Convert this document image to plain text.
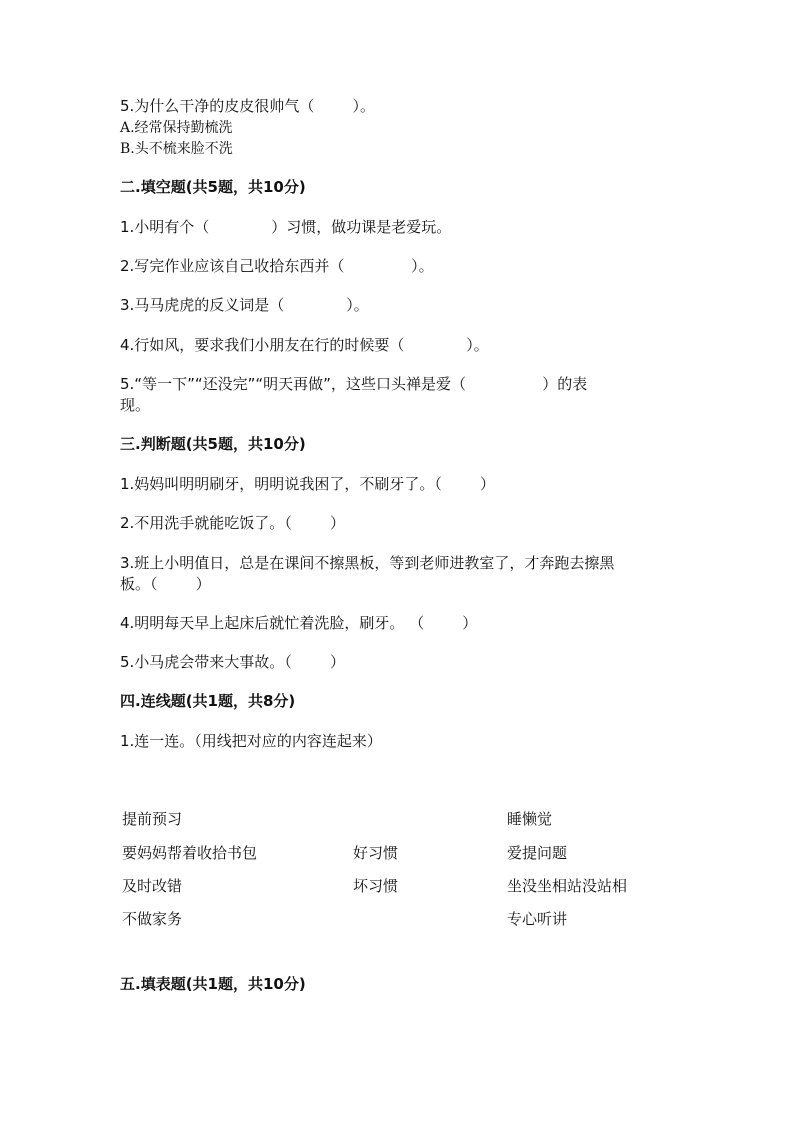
5.为什么干净的皮皮很帅气（        ）。
A.经常保持勤梳洗
B.头不梳来脸不洗
二.填空题(共5题，共10分)
1.小明有个（             ）习惯，做功课是老爱玩。
2.写完作业应该自己收拾东西并（              ）。
3.马马虎虎的反义词是（             ）。
4.行如风，要求我们小朋友在行的时候要（             ）。
5.“等一下”“还没完”“明天再做”，这些口头禅是爱（                ）的表
现。
三.判断题(共5题，共10分)
1.妈妈叫明明刷牙，明明说我困了，不刷牙了。（        ）
2.不用洗手就能吃饭了。（        ）
3.班上小明值日，总是在课间不擦黑板，等到老师进教室了，才奔跑去擦黑
板。（        ）
4.明明每天早上起床后就忙着洗脸，刷牙。 （        ）
5.小马虎会带来大事故。（        ）
四.连线题(共1题，共8分)
1.连一连。（用线把对应的内容连起来）
提前预习
要妈妈帮着收拾书包
及时改错
不做家务
好习惯
坏习惯
睡懒觉
爱提问题
坐没坐相站没站相
专心听讲
五.填表题(共1题，共10分)
